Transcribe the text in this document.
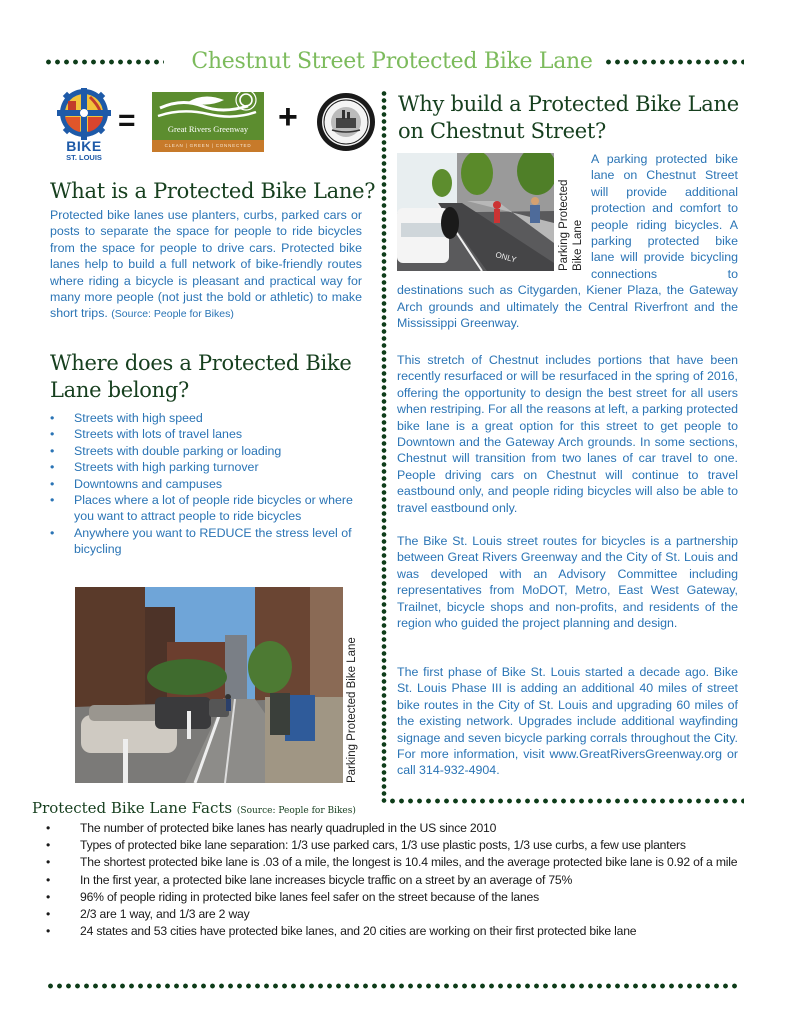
Chestnut Street Protected Bike Lane
BIKE
ST. LOUIS
=	Great Rivers Greenway
CLEAN | GREEN | CONNECTED
+
What is a Protected Bike Lane?
Protected bike lanes use planters, curbs, parked cars or posts to separate the space for people to ride bicycles from the space for people to drive cars. Protected bike lanes help to build a full network of bike-friendly routes where riding a bicycle is pleasant and practical way for many more people (not just the bold or athletic) to make short trips. (Source: People for Bikes)
Where does a Protected Bike Lane belong?
• Streets with high speed
• Streets with lots of travel lanes
• Streets with double parking or loading
• Streets with high parking turnover
• Downtowns and campuses
• Places where a lot of people ride bicycles or where you want to attract people to ride bicycles
• Anywhere you want to REDUCE the stress level of bicycling
Parking Protected Bike Lane
Why build a Protected Bike Lane on Chestnut Street?
ONLY	Parking Protected Bike Lane
A parking protected bike lane on Chestnut Street will provide additional protection and comfort to people riding bicycles. A parking protected bike lane will provide bicycling connections to destinations such as Citygarden, Kiener Plaza, the Gateway Arch grounds and ultimately the Central Riverfront and the Mississippi Greenway.
This stretch of Chestnut includes portions that have been recently resurfaced or will be resurfaced in the spring of 2016, offering the opportunity to design the best street for all users when restriping. For all the reasons at left, a parking protected bike lane is a great option for this street to get people to Downtown and the Gateway Arch grounds. In some sections, Chestnut will transition from two lanes of car travel to one. People driving cars on Chestnut will continue to travel eastbound only, and people riding bicycles will also be able to travel eastbound only.
The Bike St. Louis street routes for bicycles is a partnership between Great Rivers Greenway and the City of St. Louis and was developed with an Advisory Committee including representatives from MoDOT, Metro, East West Gateway, Trailnet, bicycle shops and non-profits, and residents of the region who guided the project planning and design.
The first phase of Bike St. Louis started a decade ago. Bike St. Louis Phase III is adding an additional 40 miles of street bike routes in the City of St. Louis and upgrading 60 miles of the existing network. Upgrades include additional wayfinding signage and seven bicycle parking corrals throughout the City. For more information, visit www.GreatRiversGreenway.org or call 314-932-4904.
Protected Bike Lane Facts (Source: People for Bikes)
• The number of protected bike lanes has nearly quadrupled in the US since 2010
• Types of protected bike lane separation: 1/3 use parked cars, 1/3 use plastic posts, 1/3 use curbs, a few use planters
• The shortest protected bike lane is .03 of a mile, the longest is 10.4 miles, and the average protected bike lane is 0.92 of a mile
• In the first year, a protected bike lane increases bicycle traffic on a street by an average of 75%
• 96% of people riding in protected bike lanes feel safer on the street because of the lanes
• 2/3 are 1 way, and 1/3 are 2 way
• 24 states and 53 cities have protected bike lanes, and 20 cities are working on their first protected bike lane
